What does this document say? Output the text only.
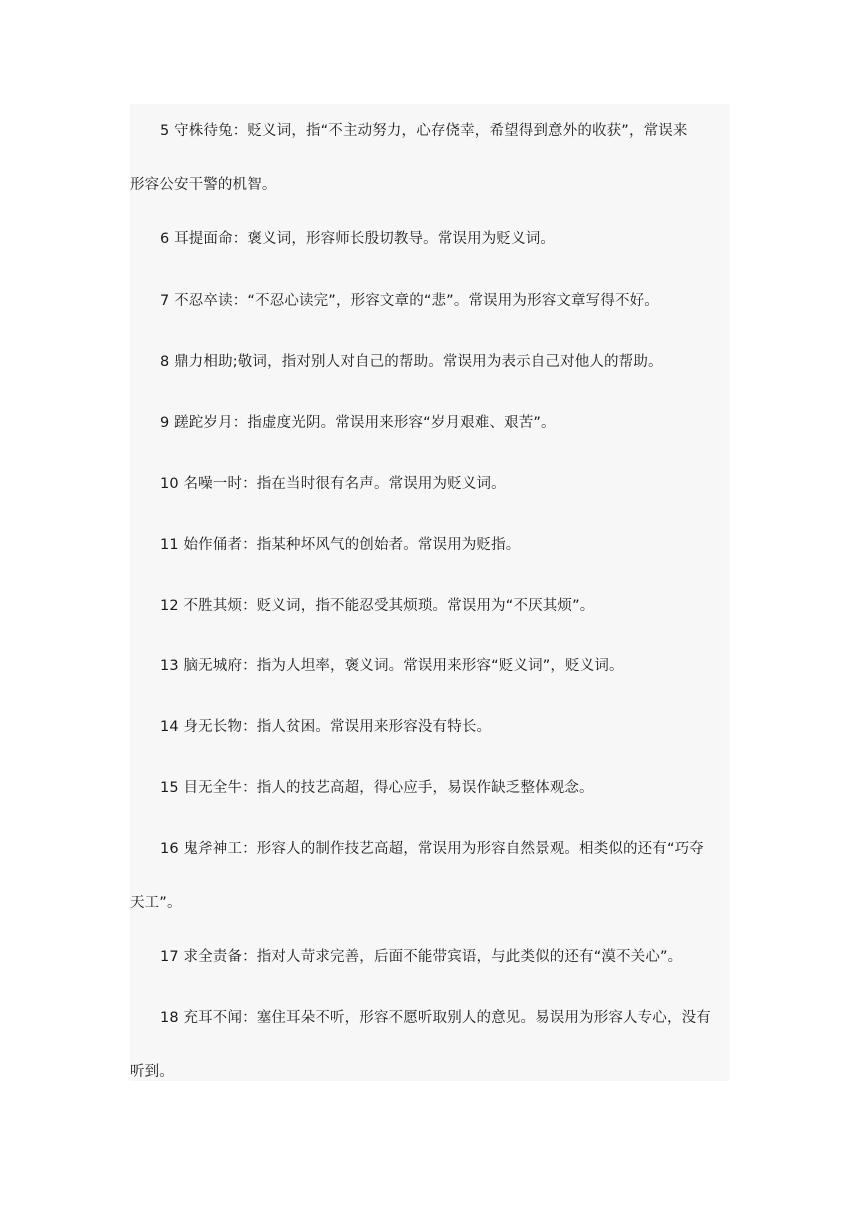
5 守株待兔：贬义词，指“不主动努力，心存侥幸，希望得到意外的收获”，常误来
形容公安干警的机智。
6 耳提面命：褒义词，形容师长殷切教导。常误用为贬义词。
7 不忍卒读：“不忍心读完”，形容文章的“悲”。常误用为形容文章写得不好。
8 鼎力相助;敬词，指对别人对自己的帮助。常误用为表示自己对他人的帮助。
9 蹉跎岁月：指虚度光阴。常误用来形容“岁月艰难、艰苦”。
10 名噪一时：指在当时很有名声。常误用为贬义词。
11 始作俑者：指某种坏风气的创始者。常误用为贬指。
12 不胜其烦：贬义词，指不能忍受其烦琐。常误用为“不厌其烦”。
13 脑无城府：指为人坦率，褒义词。常误用来形容“贬义词”，贬义词。
14 身无长物：指人贫困。常误用来形容没有特长。
15 目无全牛：指人的技艺高超，得心应手，易误作缺乏整体观念。
16 鬼斧神工：形容人的制作技艺高超，常误用为形容自然景观。相类似的还有“巧夺
天工”。
17 求全责备：指对人苛求完善，后面不能带宾语，与此类似的还有“漠不关心”。
18 充耳不闻：塞住耳朵不听，形容不愿听取别人的意见。易误用为形容人专心，没有
听到。
